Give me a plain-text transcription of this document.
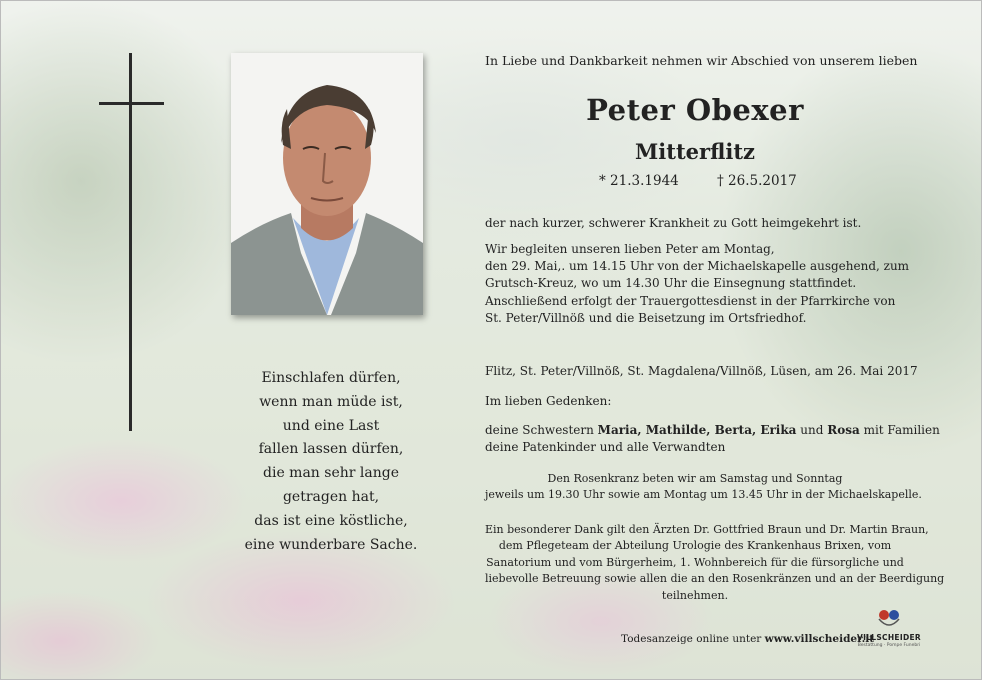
Einschlafen dürfen,
wenn man müde ist,
und eine Last
fallen lassen dürfen,
die man sehr lange
getragen hat,
das ist eine köstliche,
eine wunderbare Sache.
In Liebe und Dankbarkeit nehmen wir Abschied von unserem lieben
Peter Obexer
Mitterflitz
* 21.3.1944	† 26.5.2017
der nach kurzer, schwerer Krankheit zu Gott heimgekehrt ist.
Wir begleiten unseren lieben Peter am Montag,
den 29. Mai,. um 14.15 Uhr von der Michaelskapelle ausgehend, zum
Grutsch-Kreuz, wo um 14.30 Uhr die Einsegnung stattfindet.
Anschließend erfolgt der Trauergottesdienst in der Pfarrkirche von
St. Peter/Villnöß und die Beisetzung im Ortsfriedhof.
Flitz, St. Peter/Villnöß, St. Magdalena/Villnöß, Lüsen, am 26. Mai 2017
Im lieben Gedenken:
deine Schwestern Maria, Mathilde, Berta, Erika und Rosa mit Familien
deine Patenkinder und alle Verwandten
Den Rosenkranz beten wir am Samstag und Sonntag
jeweils um 19.30 Uhr sowie am Montag um 13.45 Uhr in der Michaelskapelle.
Ein besonderer Dank gilt den Ärzten Dr. Gottfried Braun und Dr. Martin Braun,
dem Pflegeteam der Abteilung Urologie des Krankenhaus Brixen, vom
Sanatorium und vom Bürgerheim, 1. Wohnbereich für die fürsorgliche und
liebevolle Betreuung sowie allen die an den Rosenkränzen und an der Beerdigung
teilnehmen.
Todesanzeige online unter www.villscheider.it
VILLSCHEIDER
Bestattung · Pompe Funebri
